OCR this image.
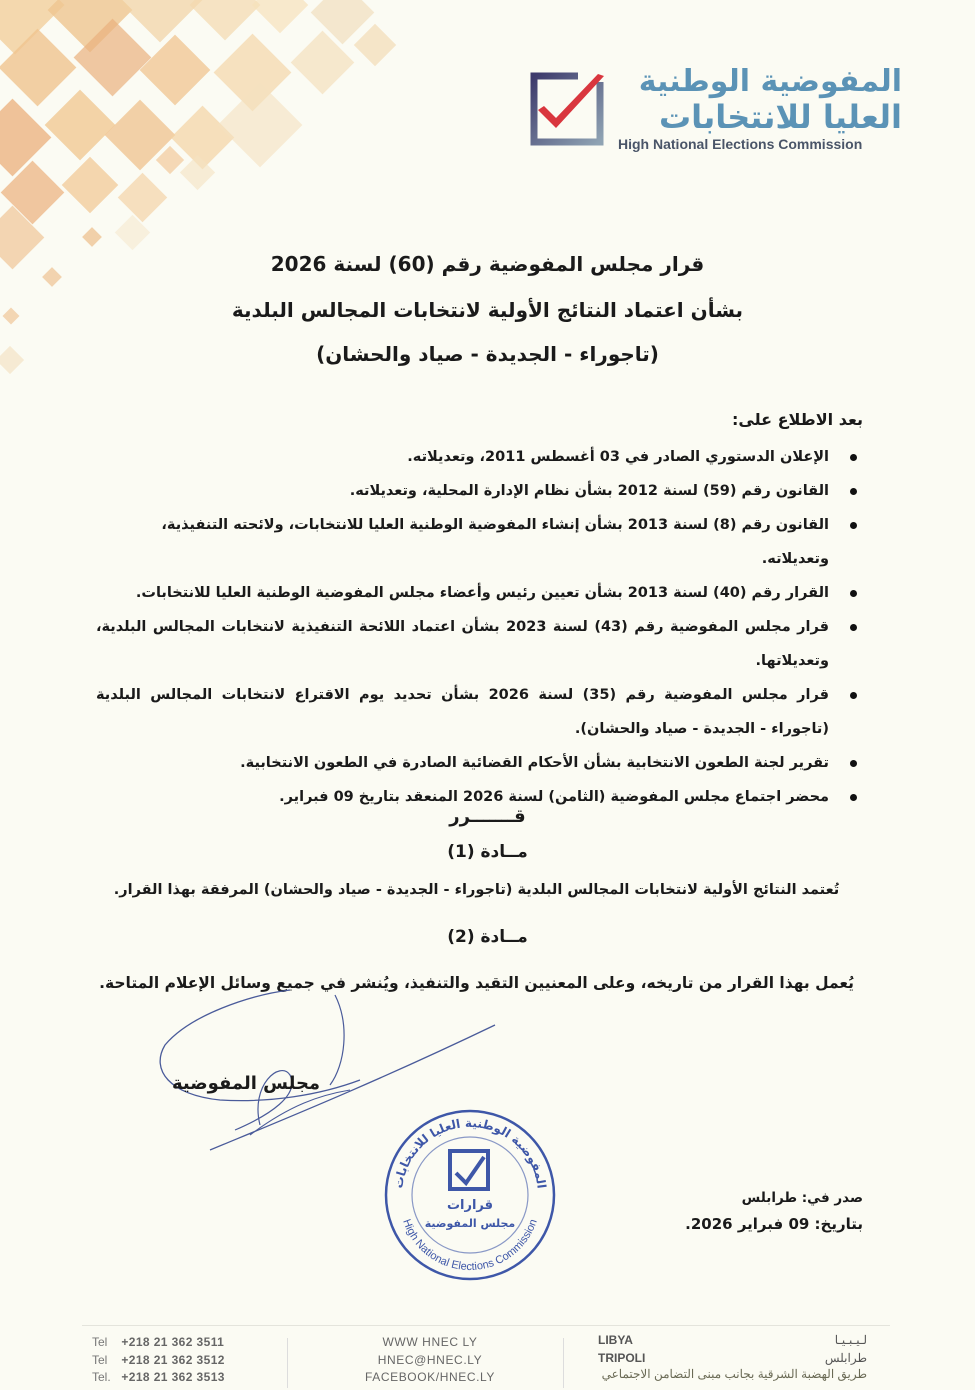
المفوضية الوطنية
العليا للانتخابات
High National Elections Commission
قرار مجلس المفوضية رقم (60) لسنة 2026
بشأن اعتماد النتائج الأولية لانتخابات المجالس البلدية
(تاجوراء - الجديدة - صياد والحشان)
بعد الاطلاع على:
الإعلان الدستوري الصادر في 03 أغسطس 2011، وتعديلاته.
القانون رقم (59) لسنة 2012 بشأن نظام الإدارة المحلية، وتعديلاته.
القانون رقم (8) لسنة 2013 بشأن إنشاء المفوضية الوطنية العليا للانتخابات، ولائحته التنفيذية، وتعديلاته.
القرار رقم (40) لسنة 2013 بشأن تعيين رئيس وأعضاء مجلس المفوضية الوطنية العليا للانتخابات.
قرار مجلس المفوضية رقم (43) لسنة 2023 بشأن اعتماد اللائحة التنفيذية لانتخابات المجالس البلدية، وتعديلاتها.
قرار مجلس المفوضية رقم (35) لسنة 2026 بشأن تحديد يوم الاقتراع لانتخابات المجالس البلدية (تاجوراء - الجديدة - صياد والحشان).
تقرير لجنة الطعون الانتخابية بشأن الأحكام القضائية الصادرة في الطعون الانتخابية.
محضر اجتماع مجلس المفوضية (الثامن) لسنة 2026 المنعقد بتاريخ 09 فبراير.
قـــــــرر
مــادة (1)
تُعتمد النتائج الأولية لانتخابات المجالس البلدية (تاجوراء - الجديدة - صياد والحشان) المرفقة بهذا القرار.
مــادة (2)
يُعمل بهذا القرار من تاريخه، وعلى المعنيين التقيد والتنفيذ، ويُنشر في جميع وسائل الإعلام المتاحة.
مجلس المفوضية
المفوضية الوطنية العليا للانتخابات
High National Elections Commission
قرارات
مجلس المفوضية
صدر في: طرابلس
بتاريخ: 09 فبراير 2026.
Tel +218 21 362 3511
Tel +218 21 362 3512
Tel. +218 21 362 3513
WWW HNEC LY
HNEC@HNEC.LY
FACEBOOK/HNEC.LY
LIBYA
TRIPOLI
لـيـبـيـا
طرابلس
طريق الهضبة الشرقية بجانب مبنى التضامن الاجتماعي
